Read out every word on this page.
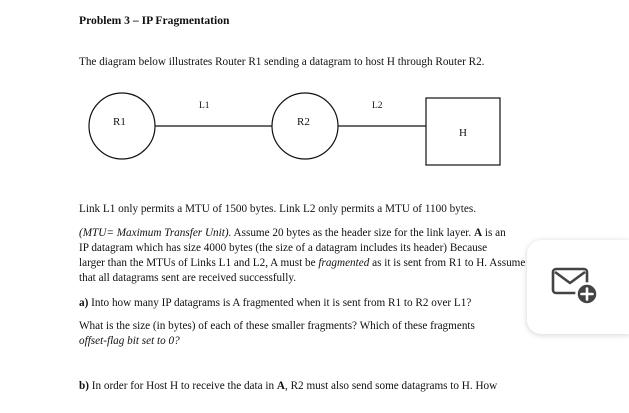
Problem 3 – IP Fragmentation
The diagram below illustrates Router R1 sending a datagram to host H through Router R2.
R1	R2
H
L1	L2
Link L1 only permits a MTU of 1500 bytes. Link L2 only permits a MTU of 1100 bytes.
(MTU= Maximum Transfer Unit). Assume 20 bytes as the header size for the link layer. A is an
IP datagram which has size 4000 bytes (the size of a datagram includes its header) Because
larger than the MTUs of Links L1 and L2, A must be fragmented as it is sent from R1 to H. Assume
that all datagrams sent are received successfully.
a) Into how many IP datagrams is A fragmented when it is sent from R1 to R2 over L1?
What is the size (in bytes) of each of these smaller fragments? Which of these fragments
offset-flag bit set to 0?
b) In order for Host H to receive the data in A, R2 must also send some datagrams to H. How
